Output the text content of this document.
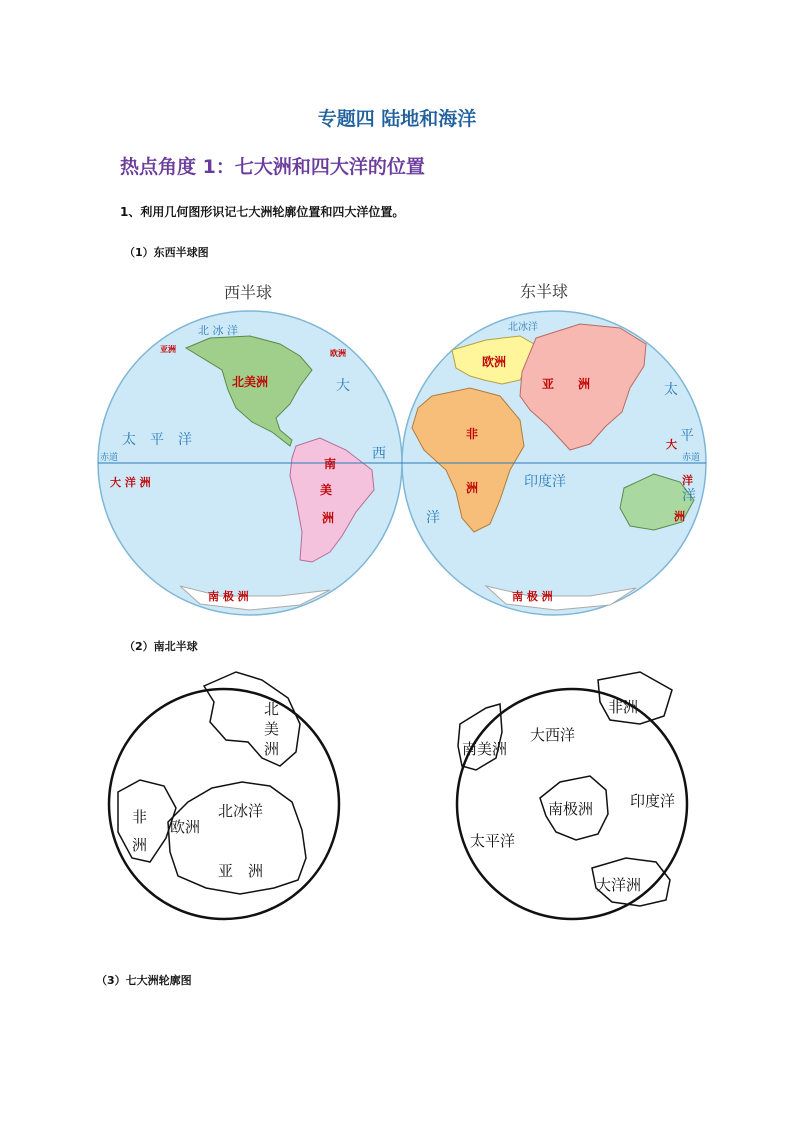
专题四 陆地和海洋
热点角度 1：七大洲和四大洋的位置
1、利用几何图形识记七大洲轮廓位置和四大洋位置。
（1）东西半球图
西半球	东半球
赤道	赤道
北 冰 洋
亚洲	欧洲
北美洲	大
西
太　平　洋
大 洋 洲
南
美
洲
南 极 洲
北冰洋
欧洲
亚　　洲
非
洲	印度洋
洋
太
平
洋
大
洋
洲
南 极 洲
（2）南北半球
北
美
洲
非
洲
欧洲
北冰洋
亚　洲
非洲
大西洋
南美洲
南极洲 印度洋
太平洋
大洋洲
（3）七大洲轮廓图
